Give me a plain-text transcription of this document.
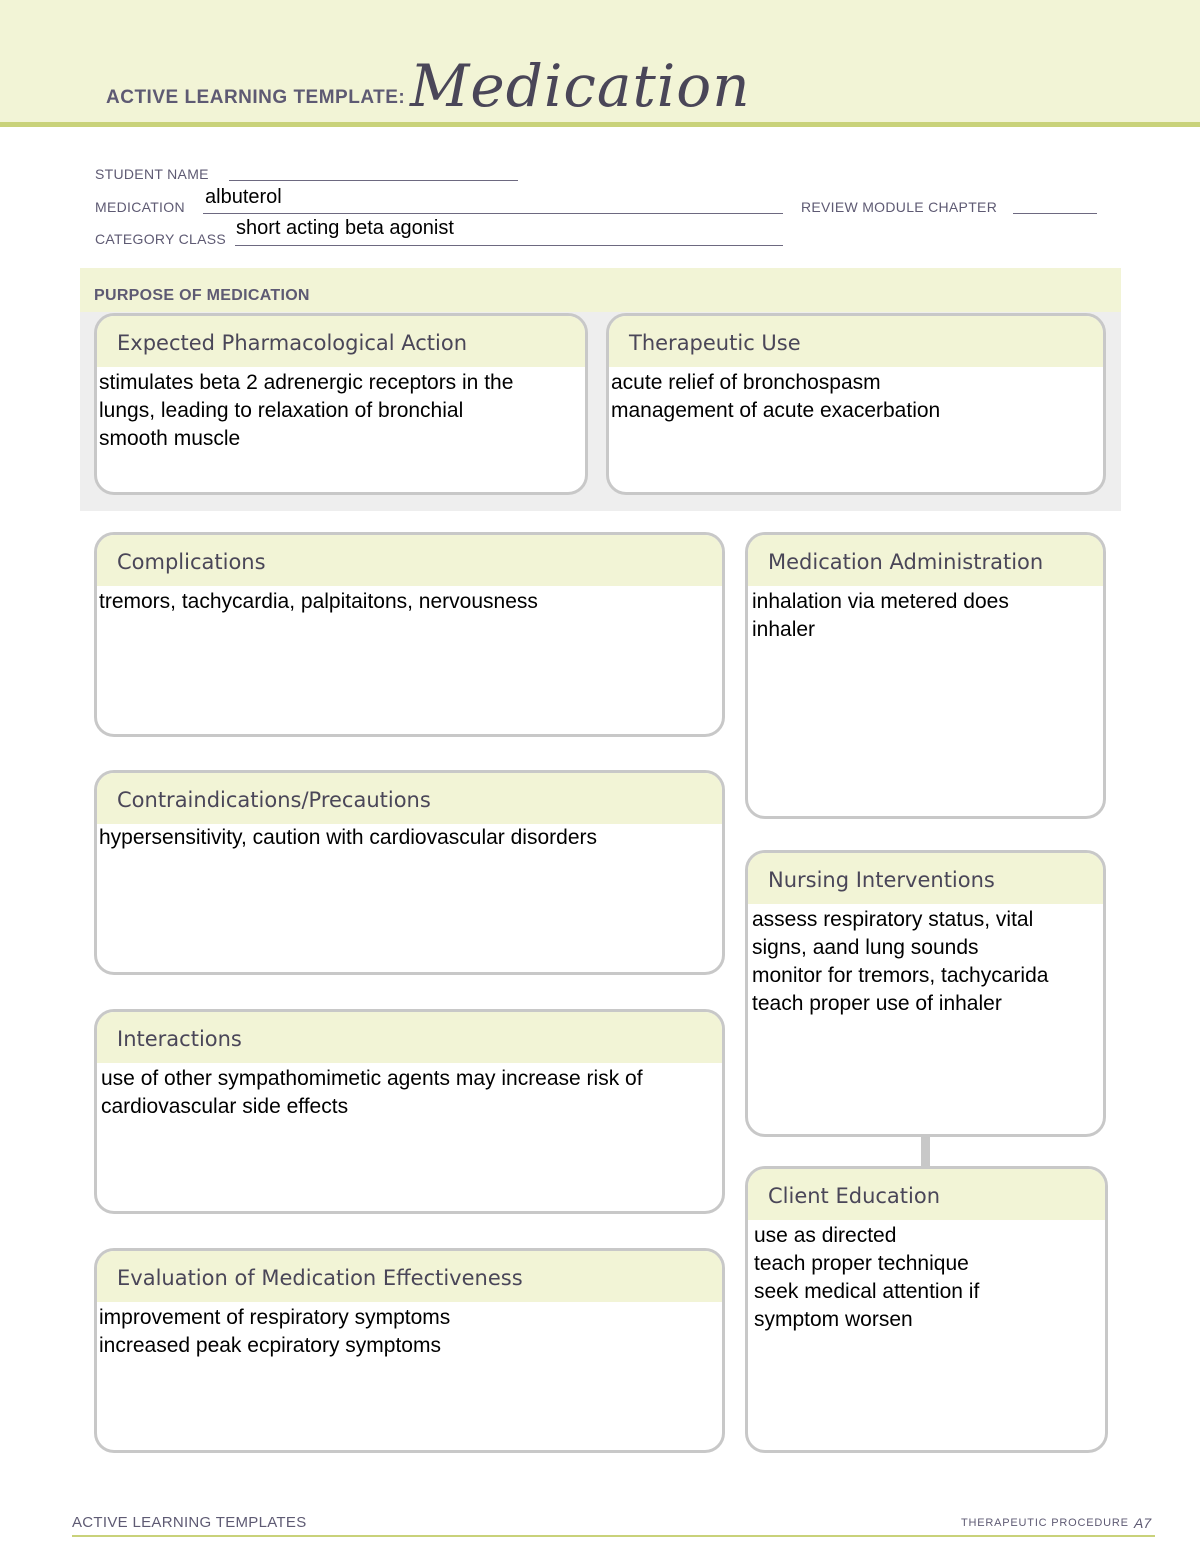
ACTIVE LEARNING TEMPLATE: Medication
STUDENT NAME
MEDICATION albuterol	REVIEW MODULE CHAPTER
CATEGORY CLASS short acting beta agonist
PURPOSE OF MEDICATION
Expected Pharmacological Action
stimulates beta 2 adrenergic receptors in the
lungs, leading to relaxation of bronchial
smooth muscle
Therapeutic Use
acute relief of bronchospasm
management of acute exacerbation
Complications
tremors, tachycardia, palpitaitons, nervousness
Contraindications/Precautions
hypersensitivity, caution with cardiovascular disorders
Interactions
use of other sympathomimetic agents may increase risk of
cardiovascular side effects
Evaluation of Medication Effectiveness
improvement of respiratory symptoms
increased peak ecpiratory symptoms
Medication Administration
inhalation via metered does
inhaler
Nursing Interventions
assess respiratory status, vital
signs, aand lung sounds
monitor for tremors, tachycarida
teach proper use of inhaler
Client Education
use as directed
teach proper technique
seek medical attention if
symptom worsen
ACTIVE LEARNING TEMPLATES	THERAPEUTIC PROCEDURE A7
